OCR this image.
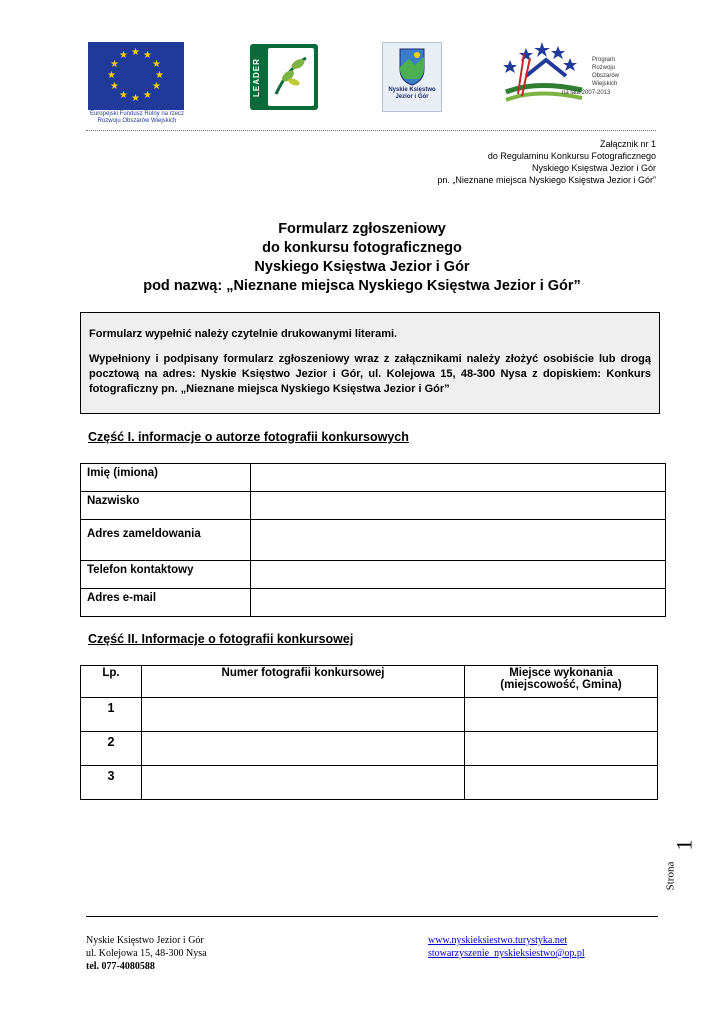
★ ★
★
★
★
★
★
★
★
★
★
★
Europejski Fundusz Rolny na rzecz Rozwoju Obszarów Wiejskich
LEADER	Nyskie Księstwo Jezior i Gór
Program
Rozwoju
Obszarów
Wiejskich
na lata 2007-2013
Załącznik nr 1
do Regulaminu Konkursu Fotograficznego
Nyskiego Księstwa Jezior i Gór
pn. „Nieznane miejsca Nyskiego Księstwa Jezior i Gór”
Formularz zgłoszeniowy
do konkursu fotograficznego
Nyskiego Księstwa Jezior i Gór
pod nazwą: „Nieznane miejsca Nyskiego Księstwa Jezior i Gór”

Formularz wypełnić należy czytelnie drukowanymi literami.

Wypełniony i podpisany formularz zgłoszeniowy wraz z załącznikami należy złożyć osobiście lub drogą pocztową na adres: Nyskie Księstwo Jezior i Gór, ul. Kolejowa 15, 48-300 Nysa z dopiskiem: Konkurs fotograficzny pn. „Nieznane miejsca Nyskiego Księstwa Jezior i Gór”

Część I. informacje o autorze fotografii konkursowych
Imię (imiona)	
Nazwisko	
Adres zameldowania	
Telefon kontaktowy	
Adres e-mail	
Część II. Informacje o fotografii konkursowej
Lp.	Numer fotografii konkursowej	Miejsce wykonania
(miejscowość, Gmina)
1		
2		
3		
Strona
1
Nyskie Księstwo Jezior i Gór
ul. Kolejowa 15, 48-300 Nysa
tel. 077-4080588
www.nyskieksiestwo.turystyka.net
stowarzyszenie_nyskieksiestwo@op.pl
